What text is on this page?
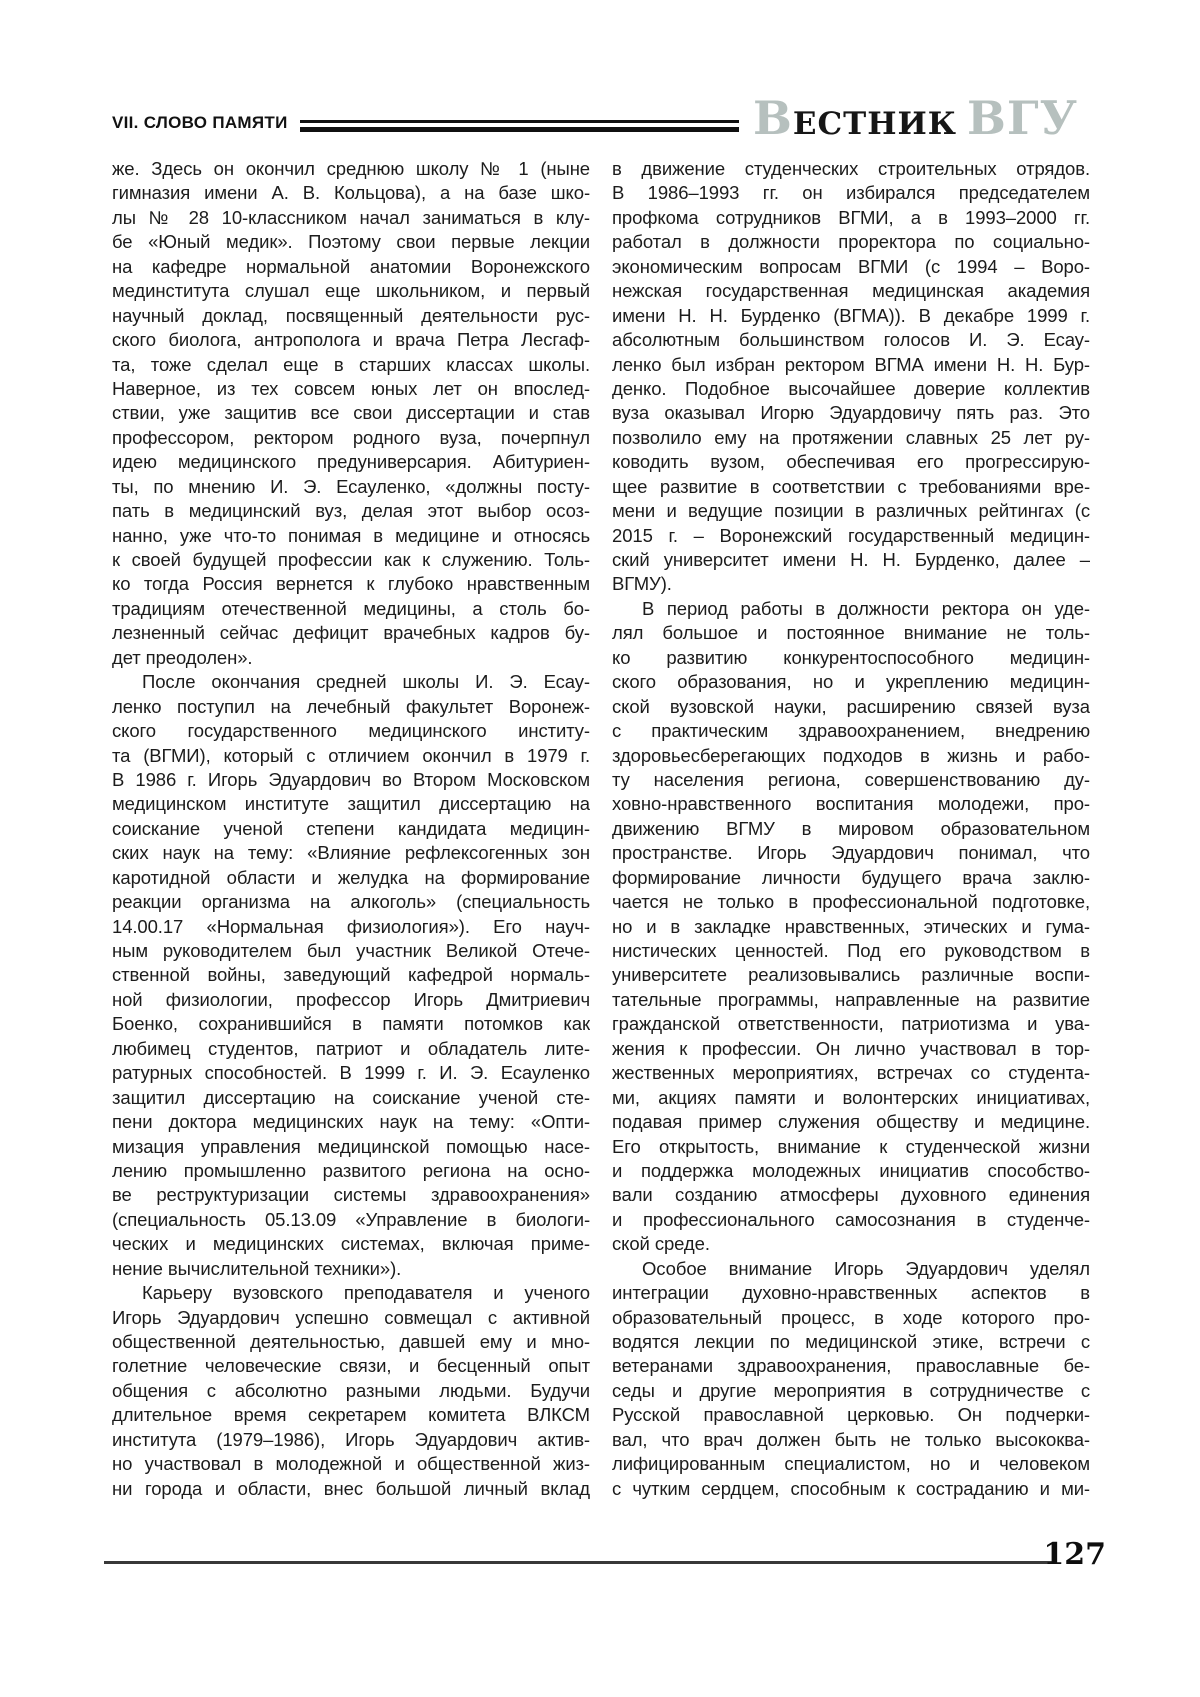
VII. СЛОВО ПАМЯТИ	ВЕСТНИК ВГУ
же. Здесь он окончил среднюю школу № 1 (ныне
гимназия имени А. В. Кольцова), а на базе шко-
лы № 28 10-классником начал заниматься в клу-
бе «Юный медик». Поэтому свои первые лекции
на кафедре нормальной анатомии Воронежского
мединститута слушал еще школьником, и первый
научный доклад, посвященный деятельности рус-
ского биолога, антрополога и врача Петра Лесгаф-
та, тоже сделал еще в старших классах школы.
Наверное, из тех совсем юных лет он впослед-
ствии, уже защитив все свои диссертации и став
профессором, ректором родного вуза, почерпнул
идею медицинского предуниверсария. Абитуриен-
ты, по мнению И. Э. Есауленко, «должны посту-
пать в медицинский вуз, делая этот выбор осоз-
нанно, уже что-то понимая в медицине и относясь
к своей будущей профессии как к служению. Толь-
ко тогда Россия вернется к глубоко нравственным
традициям отечественной медицины, а столь бо-
лезненный сейчас дефицит врачебных кадров бу-
дет преодолен».
После окончания средней школы И. Э. Есау-
ленко поступил на лечебный факультет Воронеж-
ского государственного медицинского институ-
та (ВГМИ), который с отличием окончил в 1979 г.
В 1986 г. Игорь Эдуардович во Втором Московском
медицинском институте защитил диссертацию на
соискание ученой степени кандидата медицин-
ских наук на тему: «Влияние рефлексогенных зон
каротидной области и желудка на формирование
реакции организма на алкоголь» (специальность
14.00.17 «Нормальная физиология»). Его науч-
ным руководителем был участник Великой Отече-
ственной войны, заведующий кафедрой нормаль-
ной физиологии, профессор Игорь Дмитриевич
Боенко, сохранившийся в памяти потомков как
любимец студентов, патриот и обладатель лите-
ратурных способностей. В 1999 г. И. Э. Есауленко
защитил диссертацию на соискание ученой сте-
пени доктора медицинских наук на тему: «Опти-
мизация управления медицинской помощью насе-
лению промышленно развитого региона на осно-
ве реструктуризации системы здравоохранения»
(специальность 05.13.09 «Управление в биологи-
ческих и медицинских системах, включая приме-
нение вычислительной техники»).
Карьеру вузовского преподавателя и ученого
Игорь Эдуардович успешно совмещал с активной
общественной деятельностью, давшей ему и мно-
голетние человеческие связи, и бесценный опыт
общения с абсолютно разными людьми. Будучи
длительное время секретарем комитета ВЛКСМ
института (1979–1986), Игорь Эдуардович актив-
но участвовал в молодежной и общественной жиз-
ни города и области, внес большой личный вклад
в движение студенческих строительных отрядов.
В 1986–1993 гг. он избирался председателем
профкома сотрудников ВГМИ, а в 1993–2000 гг.
работал в должности проректора по социально-
экономическим вопросам ВГМИ (с 1994 – Воро-
нежская государственная медицинская академия
имени Н. Н. Бурденко (ВГМА)). В декабре 1999 г.
абсолютным большинством голосов И. Э. Есау-
ленко был избран ректором ВГМА имени Н. Н. Бур-
денко. Подобное высочайшее доверие коллектив
вуза оказывал Игорю Эдуардовичу пять раз. Это
позволило ему на протяжении славных 25 лет ру-
ководить вузом, обеспечивая его прогрессирую-
щее развитие в соответствии с требованиями вре-
мени и ведущие позиции в различных рейтингах (с
2015 г. – Воронежский государственный медицин-
ский университет имени Н. Н. Бурденко, далее –
ВГМУ).
В период работы в должности ректора он уде-
лял большое и постоянное внимание не толь-
ко развитию конкурентоспособного медицин-
ского образования, но и укреплению медицин-
ской вузовской науки, расширению связей вуза
с практическим здравоохранением, внедрению
здоровьесберегающих подходов в жизнь и рабо-
ту населения региона, совершенствованию ду-
ховно-нравственного воспитания молодежи, про-
движению ВГМУ в мировом образовательном
пространстве. Игорь Эдуардович понимал, что
формирование личности будущего врача заклю-
чается не только в профессиональной подготовке,
но и в закладке нравственных, этических и гума-
нистических ценностей. Под его руководством в
университете реализовывались различные воспи-
тательные программы, направленные на развитие
гражданской ответственности, патриотизма и ува-
жения к профессии. Он лично участвовал в тор-
жественных мероприятиях, встречах со студента-
ми, акциях памяти и волонтерских инициативах,
подавая пример служения обществу и медицине.
Его открытость, внимание к студенческой жизни
и поддержка молодежных инициатив способство-
вали созданию атмосферы духовного единения
и профессионального самосознания в студенче-
ской среде.
Особое внимание Игорь Эдуардович уделял
интеграции духовно-нравственных аспектов в
образовательный процесс, в ходе которого про-
водятся лекции по медицинской этике, встречи с
ветеранами здравоохранения, православные бе-
седы и другие мероприятия в сотрудничестве с
Русской православной церковью. Он подчерки-
вал, что врач должен быть не только высококва-
лифицированным специалистом, но и человеком
с чутким сердцем, способным к состраданию и ми-
127
